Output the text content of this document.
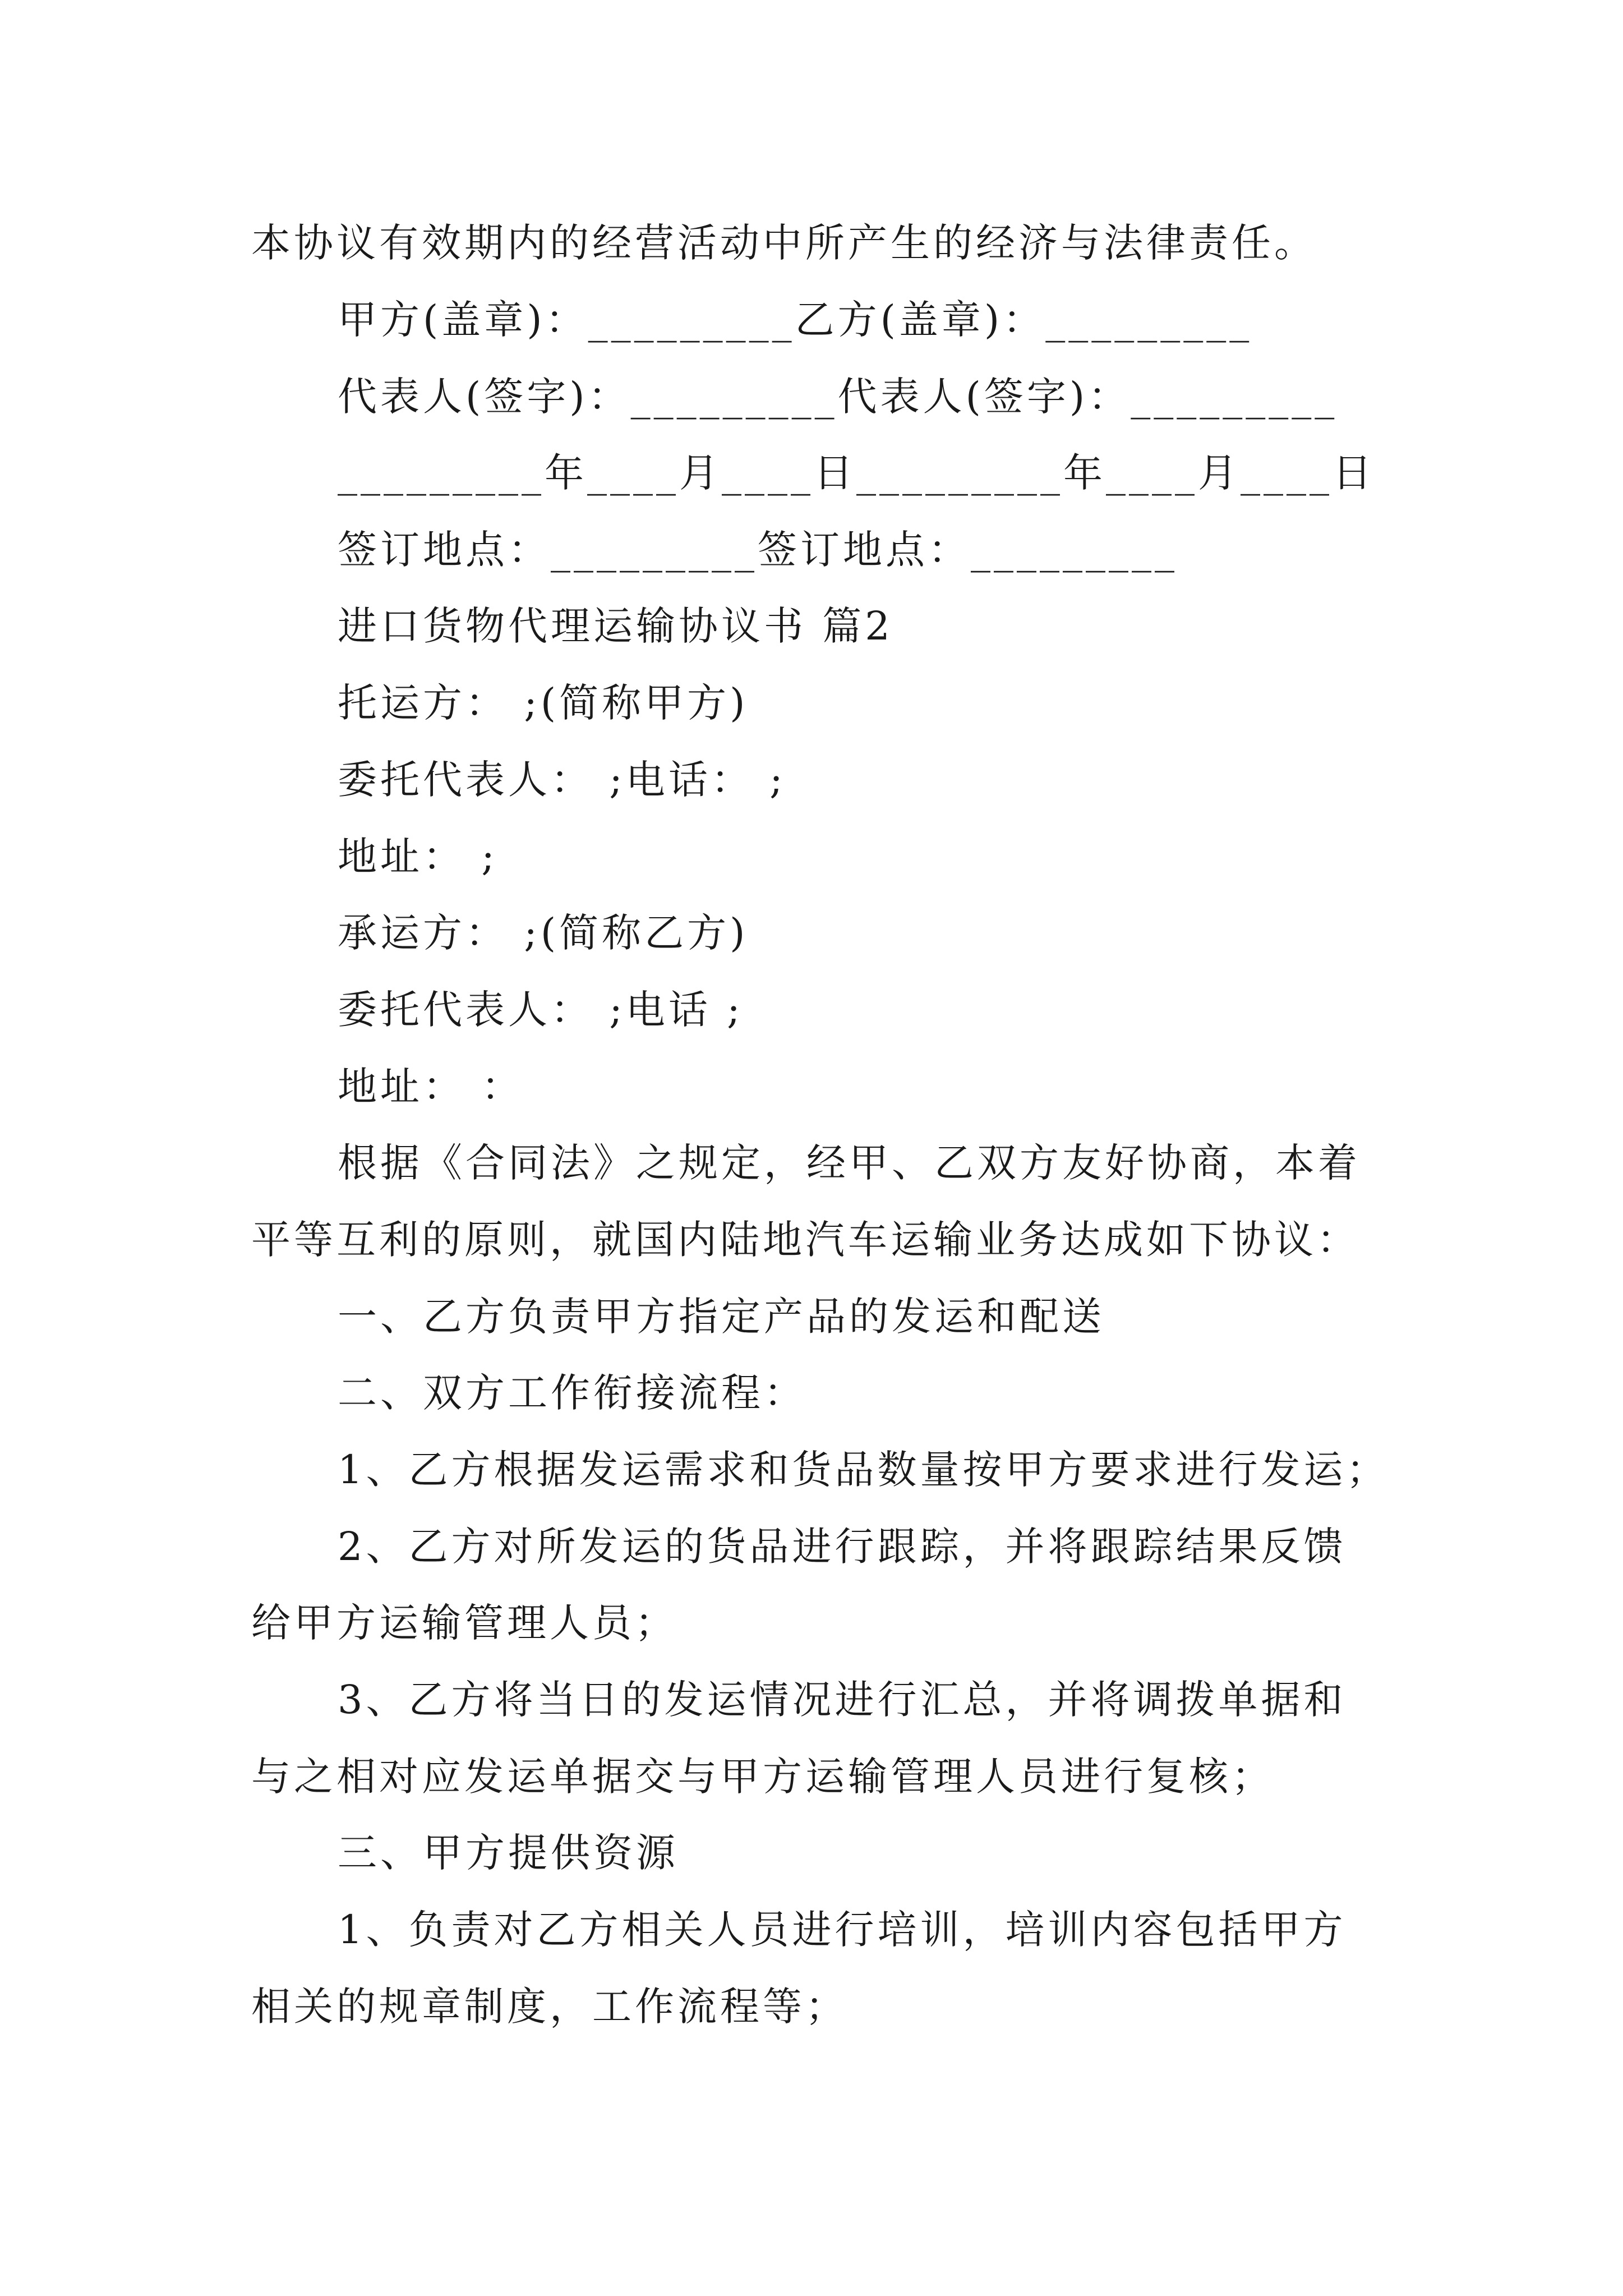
本协议有效期内的经营活动中所产生的经济与法律责任。
甲方(盖章)：_________乙方(盖章)：_________
代表人(签字)：_________代表人(签字)：_________
_________年____月____日_________年____月____日
签订地点：_________签订地点：_________
进口货物代理运输协议书 篇2
托运方： ;(简称甲方)
委托代表人： ;电话： ;
地址： ;
承运方： ;(简称乙方)
委托代表人： ;电话 ;
地址： ：
根据《合同法》之规定，经甲、乙双方友好协商，本着
平等互利的原则，就国内陆地汽车运输业务达成如下协议：
一、乙方负责甲方指定产品的发运和配送
二、双方工作衔接流程：
1、乙方根据发运需求和货品数量按甲方要求进行发运；
2、乙方对所发运的货品进行跟踪，并将跟踪结果反馈
给甲方运输管理人员；
3、乙方将当日的发运情况进行汇总，并将调拨单据和
与之相对应发运单据交与甲方运输管理人员进行复核；
三、甲方提供资源
1、负责对乙方相关人员进行培训，培训内容包括甲方
相关的规章制度，工作流程等；
